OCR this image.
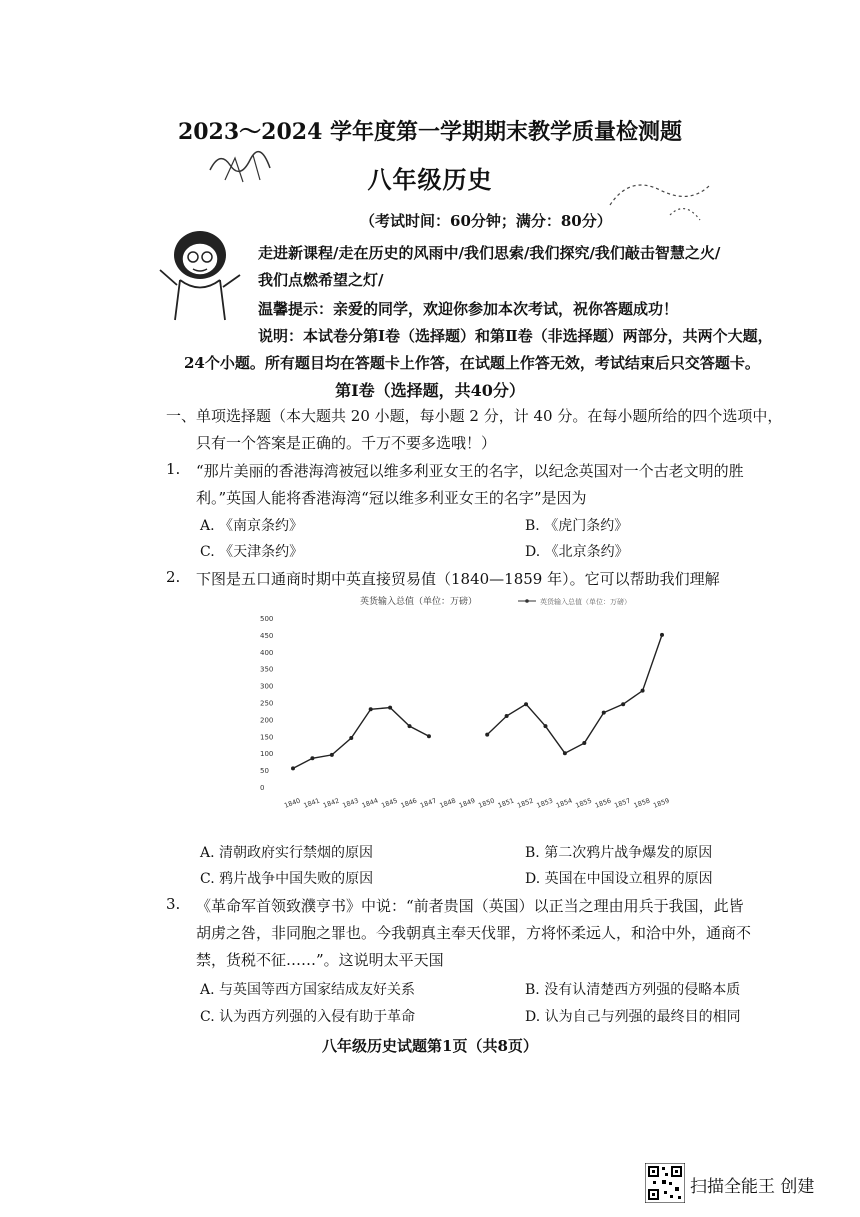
2023～2024 学年度第一学期期末教学质量检测题
八年级历史
（考试时间：60分钟；满分：80分）
走进新课程/走在历史的风雨中/我们思索/我们探究/我们敲击智慧之火/
我们点燃希望之灯/
温馨提示：亲爱的同学，欢迎你参加本次考试，祝你答题成功！
说明：本试卷分第Ⅰ卷（选择题）和第Ⅱ卷（非选择题）两部分，共两个大题，
24个小题。所有题目均在答题卡上作答，在试题上作答无效，考试结束后只交答题卡。
第Ⅰ卷（选择题，共40分）
一、单项选择题（本大题共 20 小题，每小题 2 分，计 40 分。在每小题所给的四个选项中，
只有一个答案是正确的。千万不要多选哦！）
1. “那片美丽的香港海湾被冠以维多利亚女王的名字，以纪念英国对一个古老文明的胜
利。”英国人能将香港海湾“冠以维多利亚女王的名字”是因为
A. 《南京条约》	B. 《虎门条约》
C. 《天津条约》	D. 《北京条约》
2. 下图是五口通商时期中英直接贸易值（1840—1859 年）。它可以帮助我们理解
英货输入总值（单位：万磅）	英货输入总值（单位：万磅）
500
450
400
350
300
250
200
150
100
50
0
1840 1841 1842 1843 1844 1845 1846 1847 1848 1849 1850 1851 1852 1853 1854 1855 1856 1857 1858 1859
A. 清朝政府实行禁烟的原因	B. 第二次鸦片战争爆发的原因
C. 鸦片战争中国失败的原因	D. 英国在中国设立租界的原因
3. 《革命军首领致濮亨书》中说：“前者贵国（英国）以正当之理由用兵于我国，此皆
胡虏之咎，非同胞之罪也。今我朝真主奉天伐罪，方将怀柔远人，和洽中外，通商不
禁，货税不征……”。这说明太平天国
A. 与英国等西方国家结成友好关系	B. 没有认清楚西方列强的侵略本质
C. 认为西方列强的入侵有助于革命	D. 认为自己与列强的最终目的相同
八年级历史试题第1页（共8页）
扫描全能王 创建
